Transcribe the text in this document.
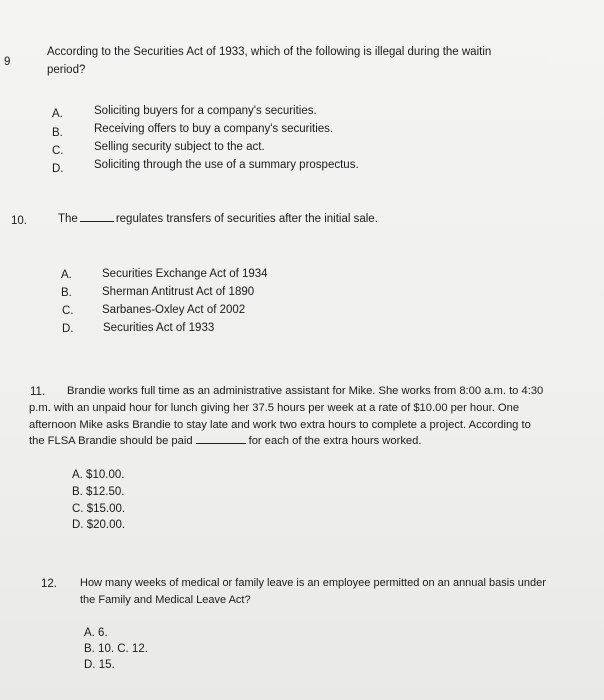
9
According to the Securities Act of 1933, which of the following is illegal during the waitin
period?
A.	Soliciting buyers for a company's securities.
B.	Receiving offers to buy a company's securities.
C.	Selling security subject to the act.
D.	Soliciting through the use of a summary prospectus.
10.	The	regulates transfers of securities after the initial sale.
A.	Securities Exchange Act of 1934
B.	Sherman Antitrust Act of 1890
C. Sarbanes-Oxley Act of 2002
D.	Securities Act of 1933
11. Brandie works full time as an administrative assistant for Mike. She works from 8:00 a.m. to 4:30
p.m. with an unpaid hour for lunch giving her 37.5 hours per week at a rate of $10.00 per hour. One
afternoon Mike asks Brandie to stay late and work two extra hours to complete a project. According to
the FLSA Brandie should be paid	for each of the extra hours worked.
A. $10.00.
B. $12.50.
C. $15.00.
D. $20.00.
12. How many weeks of medical or family leave is an employee permitted on an annual basis under
the Family and Medical Leave Act?
A. 6.
B. 10. C. 12.
D. 15.
